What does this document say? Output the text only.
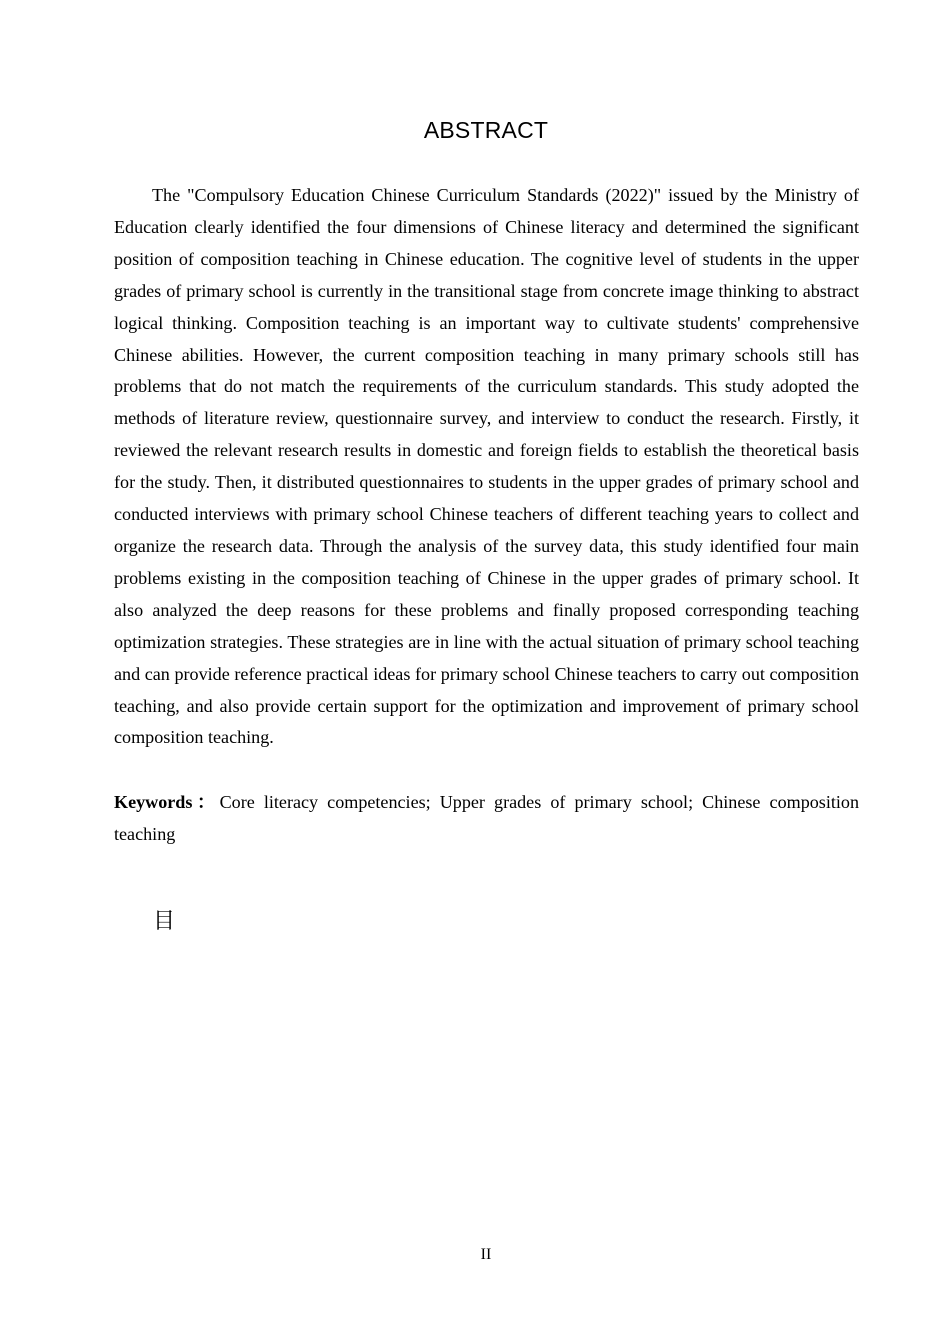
ABSTRACT

The "Compulsory Education Chinese Curriculum Standards (2022)" issued by the Ministry of Education clearly identified the four dimensions of Chinese literacy and determined the significant position of composition teaching in Chinese education. The cognitive level of students in the upper grades of primary school is currently in the transitional stage from concrete image thinking to abstract logical thinking. Composition teaching is an important way to cultivate students' comprehensive Chinese abilities. However, the current composition teaching in many primary schools still has problems that do not match the requirements of the curriculum standards. This study adopted the methods of literature review, questionnaire survey, and interview to conduct the research. Firstly, it reviewed the relevant research results in domestic and foreign fields to establish the theoretical basis for the study. Then, it distributed questionnaires to students in the upper grades of primary school and conducted interviews with primary school Chinese teachers of different teaching years to collect and organize the research data. Through the analysis of the survey data, this study identified four main problems existing in the composition teaching of Chinese in the upper grades of primary school. It also analyzed the deep reasons for these problems and finally proposed corresponding teaching optimization strategies. These strategies are in line with the actual situation of primary school teaching and can provide reference practical ideas for primary school Chinese teachers to carry out composition teaching, and also provide certain support for the optimization and improvement of primary school composition teaching.

Keywords：Core literacy competencies; Upper grades of primary school; Chinese composition teaching

目
II
